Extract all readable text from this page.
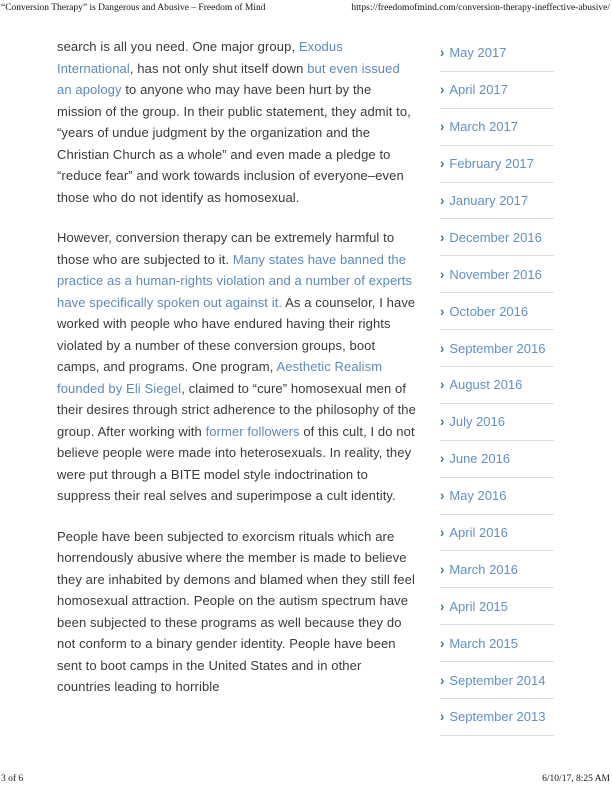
“Conversion Therapy” is Dangerous and Abusive – Freedom of Mind	https://freedomofmind.com/conversion-therapy-ineffective-abusive/

search is all you need. One major group, Exodus International, has not only shut itself down but even issued an apology to anyone who may have been hurt by the mission of the group. In their public statement, they admit to, “years of undue judgment by the organization and the Christian Church as a whole” and even made a pledge to “reduce fear” and work towards inclusion of everyone–even those who do not identify as homosexual.

However, conversion therapy can be extremely harmful to those who are subjected to it. Many states have banned the practice as a human-rights violation and a number of experts have specifically spoken out against it. As a counselor, I have worked with people who have endured having their rights violated by a number of these conversion groups, boot camps, and programs. One program, Aesthetic Realism founded by Eli Siegel, claimed to “cure” homosexual men of their desires through strict adherence to the philosophy of the group. After working with former followers of this cult, I do not believe people were made into heterosexuals. In reality, they were put through a BITE model style indoctrination to suppress their real selves and superimpose a cult identity.

People have been subjected to exorcism rituals which are horrendously abusive where the member is made to believe they are inhabited by demons and blamed when they still feel homosexual attraction. People on the autism spectrum have been subjected to these programs as well because they do not conform to a binary gender identity. People have been sent to boot camps in the United States and in other countries leading to horrible

› May 2017
› April 2017
› March 2017
› February 2017
› January 2017
› December 2016
› November 2016
› October 2016
› September 2016
› August 2016
› July 2016
› June 2016
› May 2016
› April 2016
› March 2016
› April 2015
› March 2015
› September 2014
› September 2013
3 of 6	6/10/17, 8:25 AM
